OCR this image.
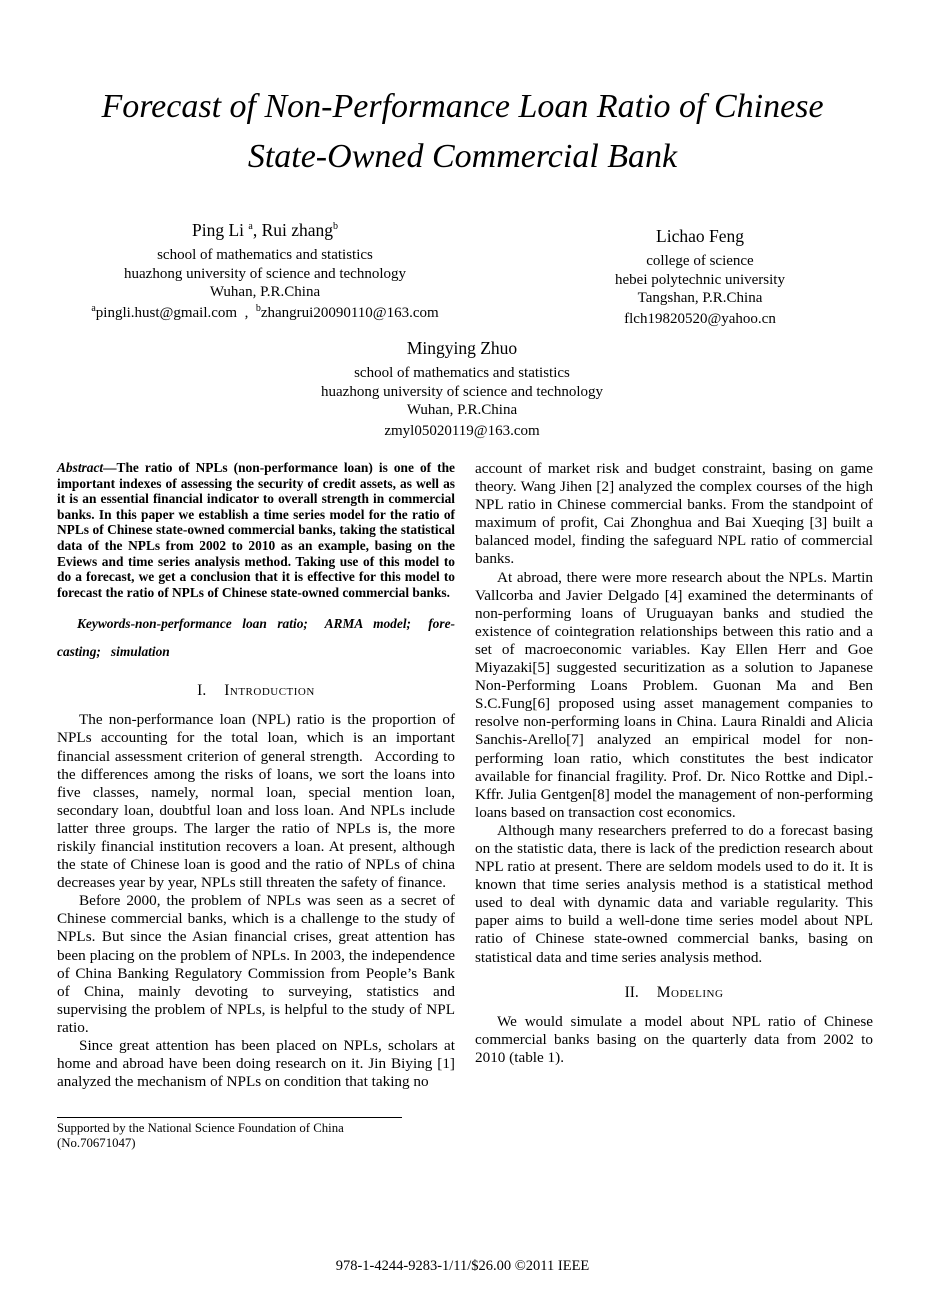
Forecast of Non-Performance Loan Ratio of Chinese
State-Owned Commercial Bank
Ping Li $^a$, Rui zhang$^b$
school of mathematics and statistics
huazhong university of science and technology
Wuhan, P.R.China
$^a$pingli.hust@gmail.com , $^b$zhangrui20090110@163.com
Lichao Feng
college of science
hebei polytechnic university
Tangshan, P.R.China
flch19820520@yahoo.cn
Mingying Zhuo
school of mathematics and statistics
huazhong university of science and technology
Wuhan, P.R.China
zmyl05020119@163.com

Abstract—The ratio of NPLs (non-performance loan) is one of the important indexes of assessing the security of credit assets, as well as it is an essential financial indicator to overall strength in commercial banks. In this paper we establish a time series model for the ratio of NPLs of Chinese state-owned commercial banks, taking the statistical data of the NPLs from 2002 to 2010 as an example, basing on the Eviews and time series analysis method. Taking use of this model to do a forecast, we get a conclusion that it is effective for this model to forecast the ratio of NPLs of Chinese state-owned commercial banks.

Keywords-non-performance loan ratio;  ARMA model;  fore-casting;  simulation

I. Introduction

The non-performance loan (NPL) ratio is the proportion of NPLs accounting for the total loan, which is an important financial assessment criterion of general strength.  According to the differences among the risks of loans, we sort the loans into five classes, namely, normal loan, special mention loan, secondary loan, doubtful loan and loss loan. And NPLs include latter three groups. The larger the ratio of NPLs is, the more riskily financial institution recovers a loan. At present, although the state of Chinese loan is good and the ratio of NPLs of china decreases year by year, NPLs still threaten the safety of finance.

Before 2000, the problem of NPLs was seen as a secret of Chinese commercial banks, which is a challenge to the study of NPLs. But since the Asian financial crises, great attention has been placing on the problem of NPLs. In 2003, the independence of China Banking Regulatory Commission from People’s Bank of China, mainly devoting to surveying, statistics and supervising the problem of NPLs, is helpful to the study of NPL ratio.

Since great attention has been placed on NPLs, scholars at home and abroad have been doing research on it. Jin Biying [1] analyzed the mechanism of NPLs on condition that taking no

Supported by the National Science Foundation of China (No.70671047)

account of market risk and budget constraint, basing on game theory. Wang Jihen [2] analyzed the complex courses of the high NPL ratio in Chinese commercial banks. From the standpoint of maximum of profit, Cai Zhonghua and Bai Xueqing [3] built a balanced model, finding the safeguard NPL ratio of commercial banks.

At abroad, there were more research about the NPLs. Martin Vallcorba and Javier Delgado [4] examined the determinants of non-performing loans of Uruguayan banks and studied the existence of cointegration relationships between this ratio and a set of macroeconomic variables. Kay Ellen Herr and Goe Miyazaki[5] suggested securitization as a solution to Japanese Non-Performing Loans Problem. Guonan Ma and Ben S.C.Fung[6] proposed using asset management companies to resolve non-performing loans in China. Laura Rinaldi and Alicia Sanchis-Arello[7] analyzed an empirical model for non-performing loan ratio, which constitutes the best indicator available for financial fragility. Prof. Dr. Nico Rottke and Dipl.-Kffr. Julia Gentgen[8] model the management of non-performing loans based on transaction cost economics.

Although many researchers preferred to do a forecast basing on the statistic data, there is lack of the prediction research about NPL ratio at present. There are seldom models used to do it. It is known that time series analysis method is a statistical method used to deal with dynamic data and variable regularity. This paper aims to build a well-done time series model about NPL ratio of Chinese state-owned commercial banks, basing on statistical data and time series analysis method.

II. Modeling

We would simulate a model about NPL ratio of Chinese commercial banks basing on the quarterly data from 2002 to 2010 (table 1).

978-1-4244-9283-1/11/$26.00 ©2011 IEEE
